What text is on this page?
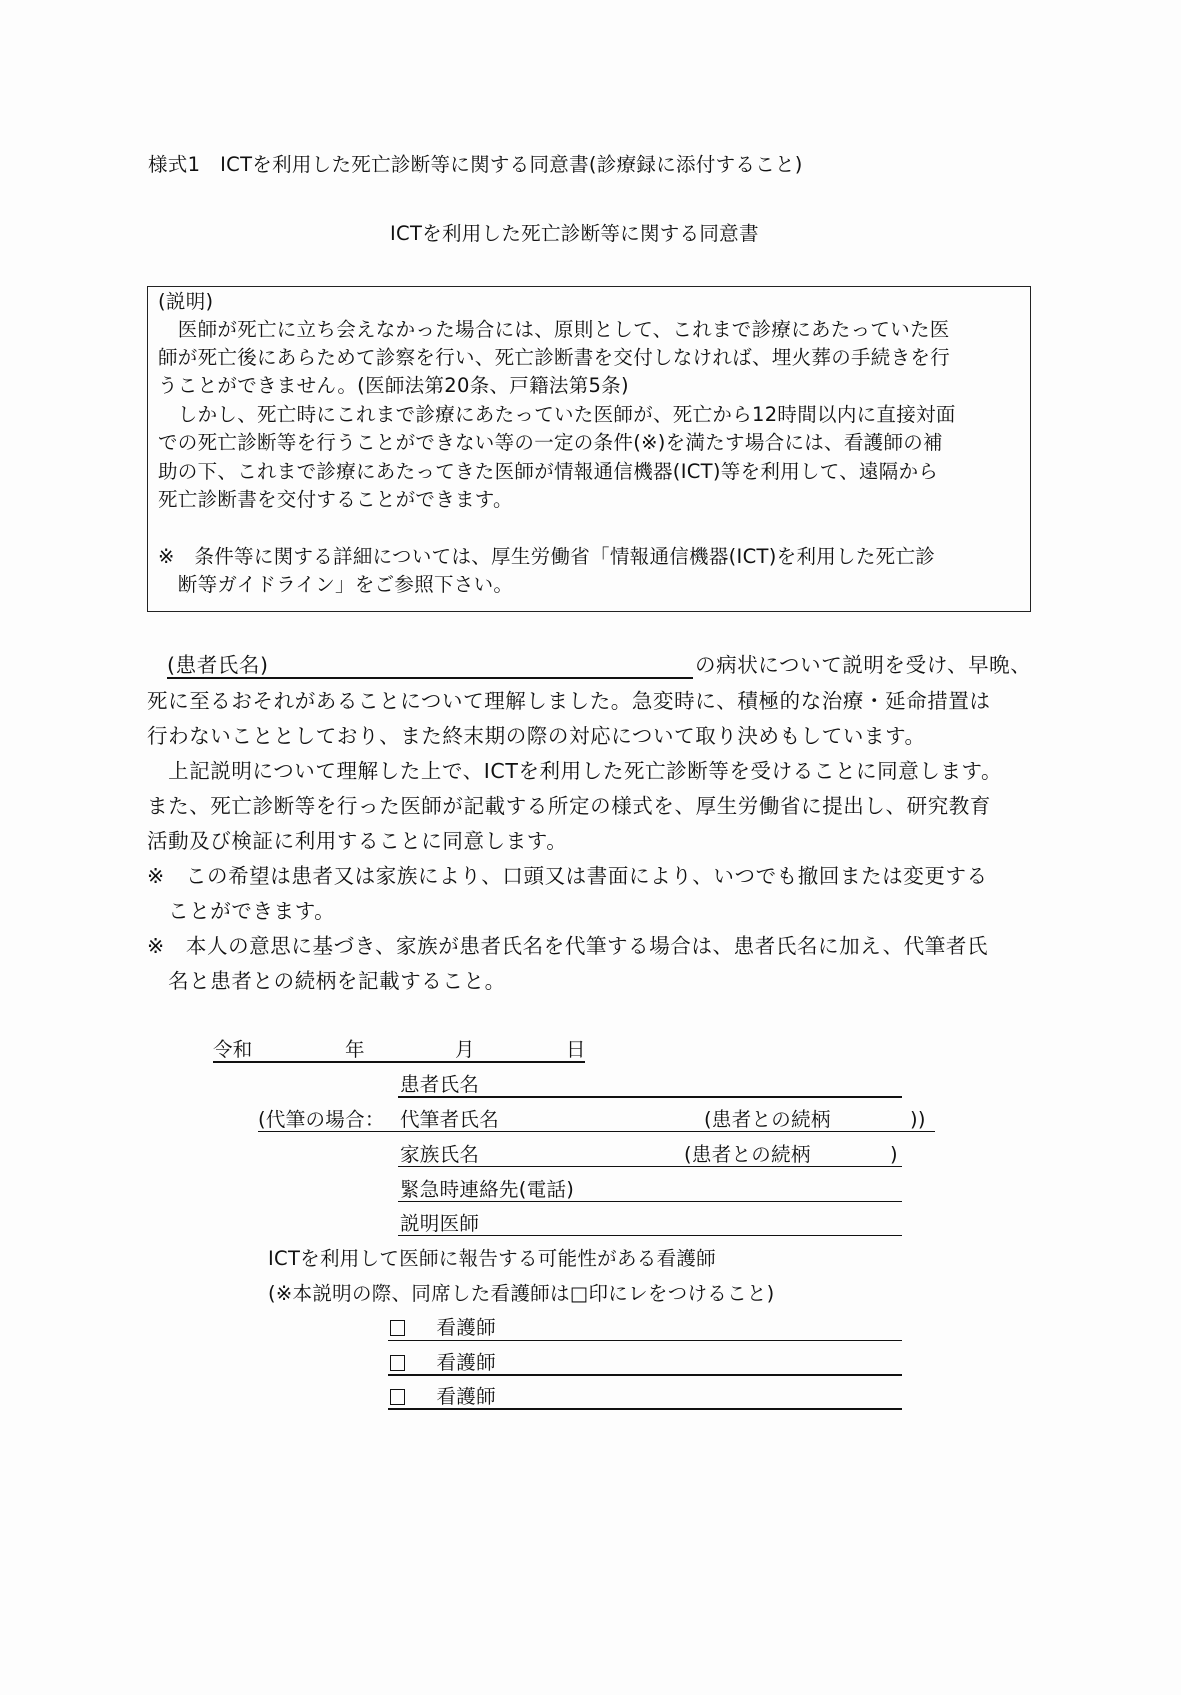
様式1　ICTを利用した死亡診断等に関する同意書(診療録に添付すること)
ICTを利用した死亡診断等に関する同意書
(説明)
　医師が死亡に立ち会えなかった場合には、原則として、これまで診療にあたっていた医
師が死亡後にあらためて診察を行い、死亡診断書を交付しなければ、埋火葬の手続きを行
うことができません。(医師法第20条、戸籍法第5条)
　しかし、死亡時にこれまで診療にあたっていた医師が、死亡から12時間以内に直接対面
での死亡診断等を行うことができない等の一定の条件(※)を満たす場合には、看護師の補
助の下、これまで診療にあたってきた医師が情報通信機器(ICT)等を利用して、遠隔から
死亡診断書を交付することができます。
※　条件等に関する詳細については、厚生労働省「情報通信機器(ICT)を利用した死亡診
　断等ガイドライン」をご参照下さい。
(患者氏名)	の病状について説明を受け、早晩、
死に至るおそれがあることについて理解しました。急変時に、積極的な治療・延命措置は
行わないこととしており、また終末期の際の対応について取り決めもしています。
　上記説明について理解した上で、ICTを利用した死亡診断等を受けることに同意します。
また、死亡診断等を行った医師が記載する所定の様式を、厚生労働省に提出し、研究教育
活動及び検証に利用することに同意します。
※　この希望は患者又は家族により、口頭又は書面により、いつでも撤回または変更する
　ことができます。
※　本人の意思に基づき、家族が患者氏名を代筆する場合は、患者氏名に加え、代筆者氏
　名と患者との続柄を記載すること。
令和	年	月	日
患者氏名
(代筆の場合： 代筆者氏名	(患者との続柄	))
家族氏名	(患者との続柄	)
緊急時連絡先(電話)
説明医師
ICTを利用して医師に報告する可能性がある看護師
(※本説明の際、同席した看護師は□印にレをつけること)
看護師
看護師
看護師
